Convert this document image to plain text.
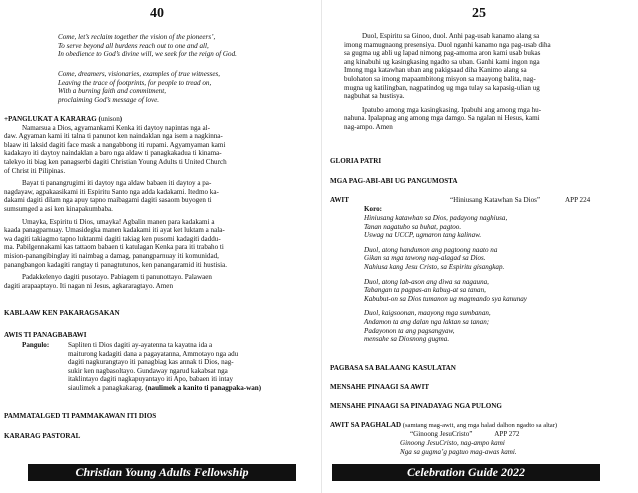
40

Come, let’s reclaim together the vision of the pioneers’,

To serve beyond all burdens reach out to one and all,

In obedience to God’s divine will, we seek for the reign of God.

Come, dreamers, visionaries, examples of true witnesses,

Leaving the trace of footprints, for people to tread on,

With a burning faith and commitment,

proclaiming God’s message of love.

+PANGLUKAT A KARARAG (unison)

Namarsua a Dios, agyamankami Kenka iti daytoy napintas nga al-

daw. Agyaman kami iti talna ti panunot ken naindaklan nga isem a nagkinna-

blaaw iti laksid dagiti face mask a nangabbong iti rupami. Agyamyaman kami

kadakayo iti daytoy naindaklan a baro nga aldaw ti panagkakadua ti kinama-

talekyo iti biag ken panagserbi dagiti Christian Young Adults ti United Church

of Christ iti Pilipinas.

Bayat ti panangrugimi iti daytoy nga aldaw babaen iti daytoy a pa-

nagdayaw, agpakaasikami iti Espiritu Santo nga adda kadakami. Itedmo ka-

dakami dagiti dilam nga apuy tapno maibagami dagiti sasaom buyogen ti

sumsumged a asi ken kinapakumbaba.

Umayka, Espiritu ti Dios, umayka! Agbalin manen para kadakami a

kaada panagparnuay. Umasidegka manen kadakami iti ayat ket luktam a nala-

wa dagiti takiagmo tapno luktanmi dagiti takiag ken pusomi kadagiti daddu-

ma. Pabilgennakami kas tattaom babaen ti katulagan Kenka para iti trabaho ti

mision-panangibinglay iti naimbag a damag, panangparnuay iti komunidad,

panangbangon kadagiti rangtay ti panagtutunos, ken panangaramid iti hustisia.

Padakkelenyo dagiti pusotayo. Pabiagem ti panunottayo. Palawaen

dagiti arapaaptayo. Iti nagan ni Jesus, agkararagtayo. Amen

KABLAAW KEN PAKARAGSAKAN
AWIS TI PANAGBABAWI
Pangulo:	Sapliten ti Dios dagiti ay-ayatenna ta kayatna ida a

maiturong kadagiti dana a pagayatanna, Ammotayo nga adu

dagiti nagkurangtayo iti panagbiag kas annak ti Dios, nag-

sukir ken nagbasoltayo. Gundaway ngarud kakabsat nga

itaklintayo dagiti nagkapuyantayo iti Apo, babaen iti intay

siaulimek a panagkakarag. (naulimek a kanito ti panagpaka-wan)

PAMMATALGED TI PAMMAKAWAN ITI DIOS
KARARAG PASTORAL
Christian Young Adults Fellowship
25

Duol, Espiritu sa Ginoo, duol. Anhi pag-usab kanamo alang sa

imong mamugnaong presensiya. Duol nganhi kanamo nga pag-usab diha

sa gugma ug abli ug lapad nimong pag-amoma aron kami usab bukas

ang kinabuhi ug kasingkasing ngadto sa uban. Ganhi kami ingon nga

Imong mga katawhan uban ang pakigsaad diha Kanimo alang sa

bulohaton sa imong mapaambitong misyon sa maayong balita, nag-

mugna ug katilingban, nagpatindog ug mga tulay sa kapasig-ulian ug

nagbuhat sa hustisya.

Ipatubo among mga kasingkasing. Ipabuhi ang among mga hu-

nahuna. Ipalapnag ang among mga damgo. Sa ngalan ni Hesus, kami

nag-ampo. Amen

GLORIA PATRI
MGA PAG-ABI-ABI UG PANGUMOSTA
AWIT	“Hiniusang Katawhan Sa Dios”	APP 224
Koro:

Hiniusang katawhan sa Dios, padayong naghiusa,

Tanan nagatubo sa buhat, pagtoo.

Uswag na UCCP, ugmaron tang kalinaw.

Duol, atong handumon ang pagtoong naato na

Gikan sa mga tawong nag-alagad sa Dios.

Nahiusa kang Jesu Cristo, sa Espiritu gisangkap.

Duol, atong lab-ason ang diwa sa nagauna,

Tabangan ta pagpas-an kabug-at sa tanan,

Kabubut-on sa Dios tumanon ug magmando sya kanunay

Duol, kaigsoonan, maayong mga sumbanan,

Andamon ta ang dalan nga laktan sa tanan;

Padayonon ta ang pagsangyaw,

mensahe sa Diosnong gugma.

PAGBASA SA BALAANG KASULATAN
MENSAHE PINAAGI SA AWIT
MENSAHE PINAAGI SA PINADAYAG NGA PULONG
AWIT SA PAGHALAD (samtang mag-awit, ang mga halad dalhon ngadto sa altar)
“Ginoong JesuCristo”	APP 272

Ginoong JesuCristo, nag-ampo kami

Nga sa gugma’g pagtuo mag-awas kami.

Celebration Guide 2022
